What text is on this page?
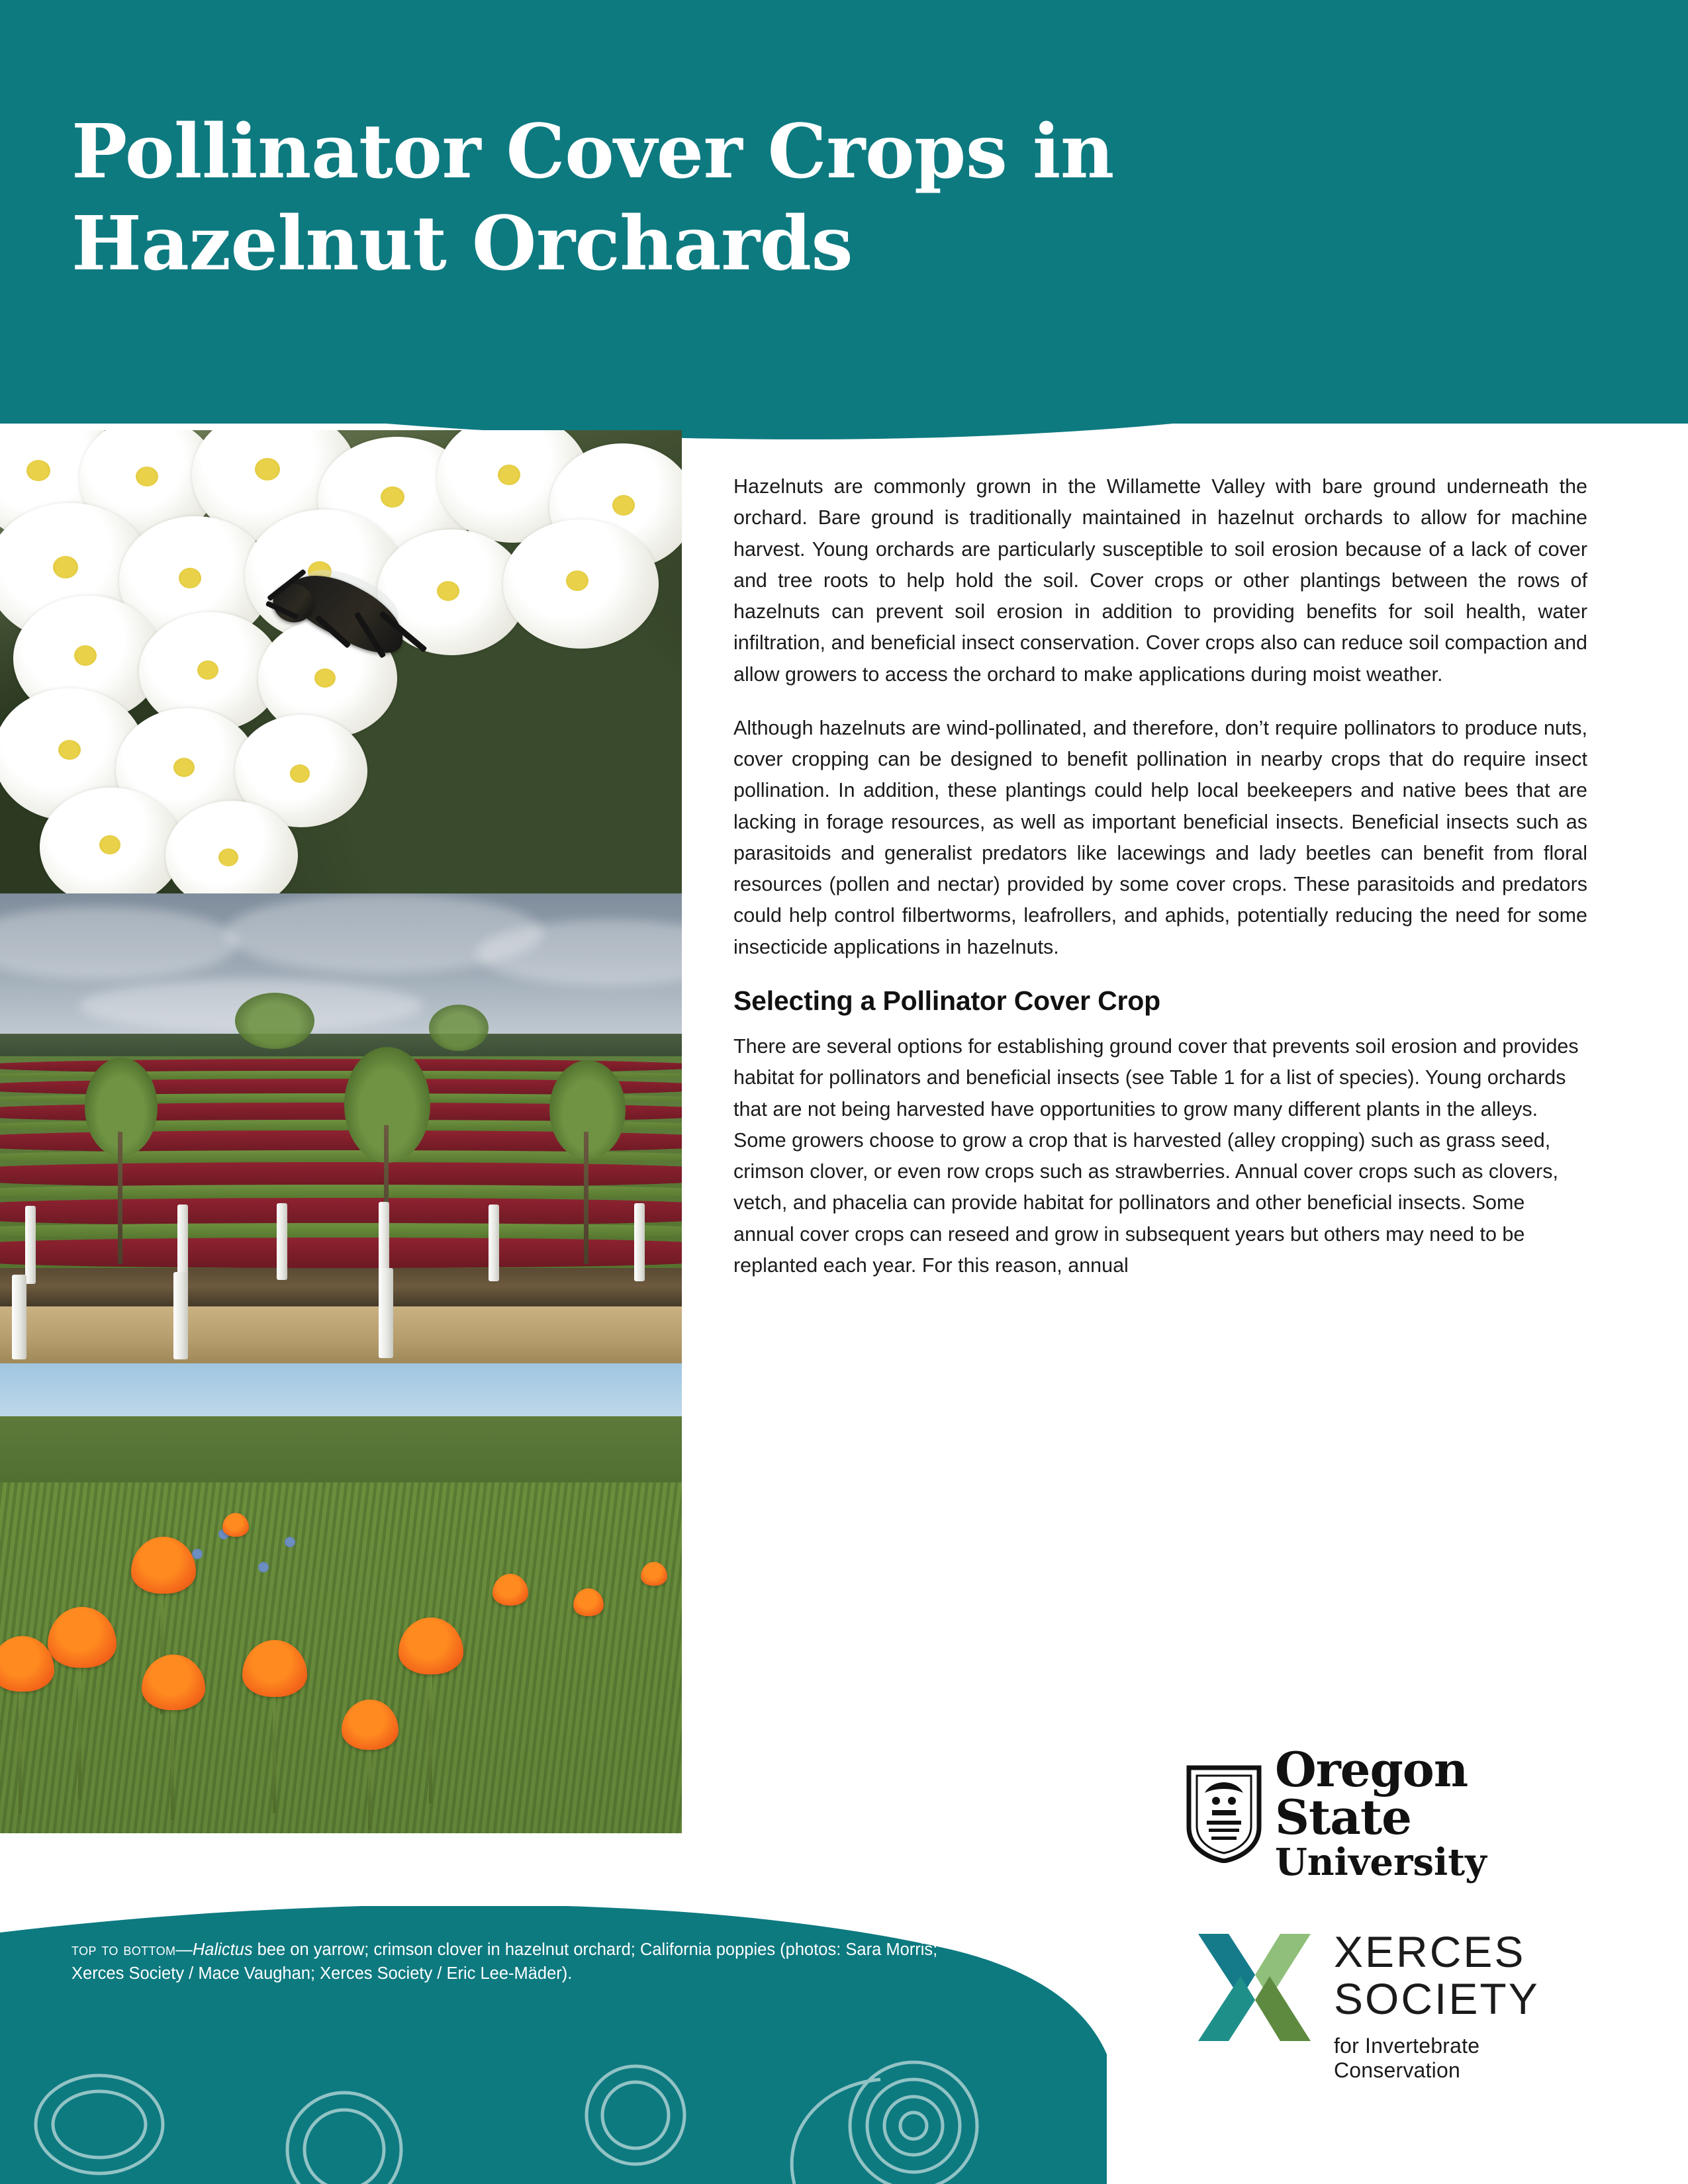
Pollinator Cover Crops in
Hazelnut Orchards

Hazelnuts are commonly grown in the Willamette Valley with bare ground underneath the orchard. Bare ground is traditionally maintained in hazelnut orchards to allow for machine harvest. Young orchards are particularly susceptible to soil erosion because of a lack of cover and tree roots to help hold the soil. Cover crops or other plantings between the rows of hazelnuts can prevent soil erosion in addition to providing benefits for soil health, water infiltration, and beneficial insect conservation. Cover crops also can reduce soil compaction and allow growers to access the orchard to make applications during moist weather.

Although hazelnuts are wind-pollinated, and therefore, don’t require pollinators to produce nuts, cover cropping can be designed to benefit pollination in nearby crops that do require insect pollination. In addition, these plantings could help local beekeepers and native bees that are lacking in forage resources, as well as important beneficial insects. Beneficial insects such as parasitoids and generalist predators like lacewings and lady beetles can benefit from floral resources (pollen and nectar) provided by some cover crops. These parasitoids and predators could help control filbertworms, leafrollers, and aphids, potentially reducing the need for some insecticide applications in hazelnuts.

Selecting a Pollinator Cover Crop

There are several options for establishing ground cover that prevents soil erosion and provides habitat for pollinators and beneficial insects (see Table 1 for a list of species). Young orchards that are not being harvested have opportunities to grow many different plants in the alleys. Some growers choose to grow a crop that is harvested (alley cropping) such as grass seed, crimson clover, or even row crops such as strawberries. Annual cover crops such as clovers, vetch, and phacelia can provide habitat for pollinators and other beneficial insects. Some annual cover crops can reseed and grow in subsequent years but others may need to be replanted each year. For this reason, annual

Oregon State
University
XERCES
SOCIETY
for Invertebrate Conservation
top to bottom—Halictus bee on yarrow; crimson clover in hazelnut orchard; California poppies (photos: Sara Morris; Xerces Society / Mace Vaughan; Xerces Society / Eric Lee-Mäder).
